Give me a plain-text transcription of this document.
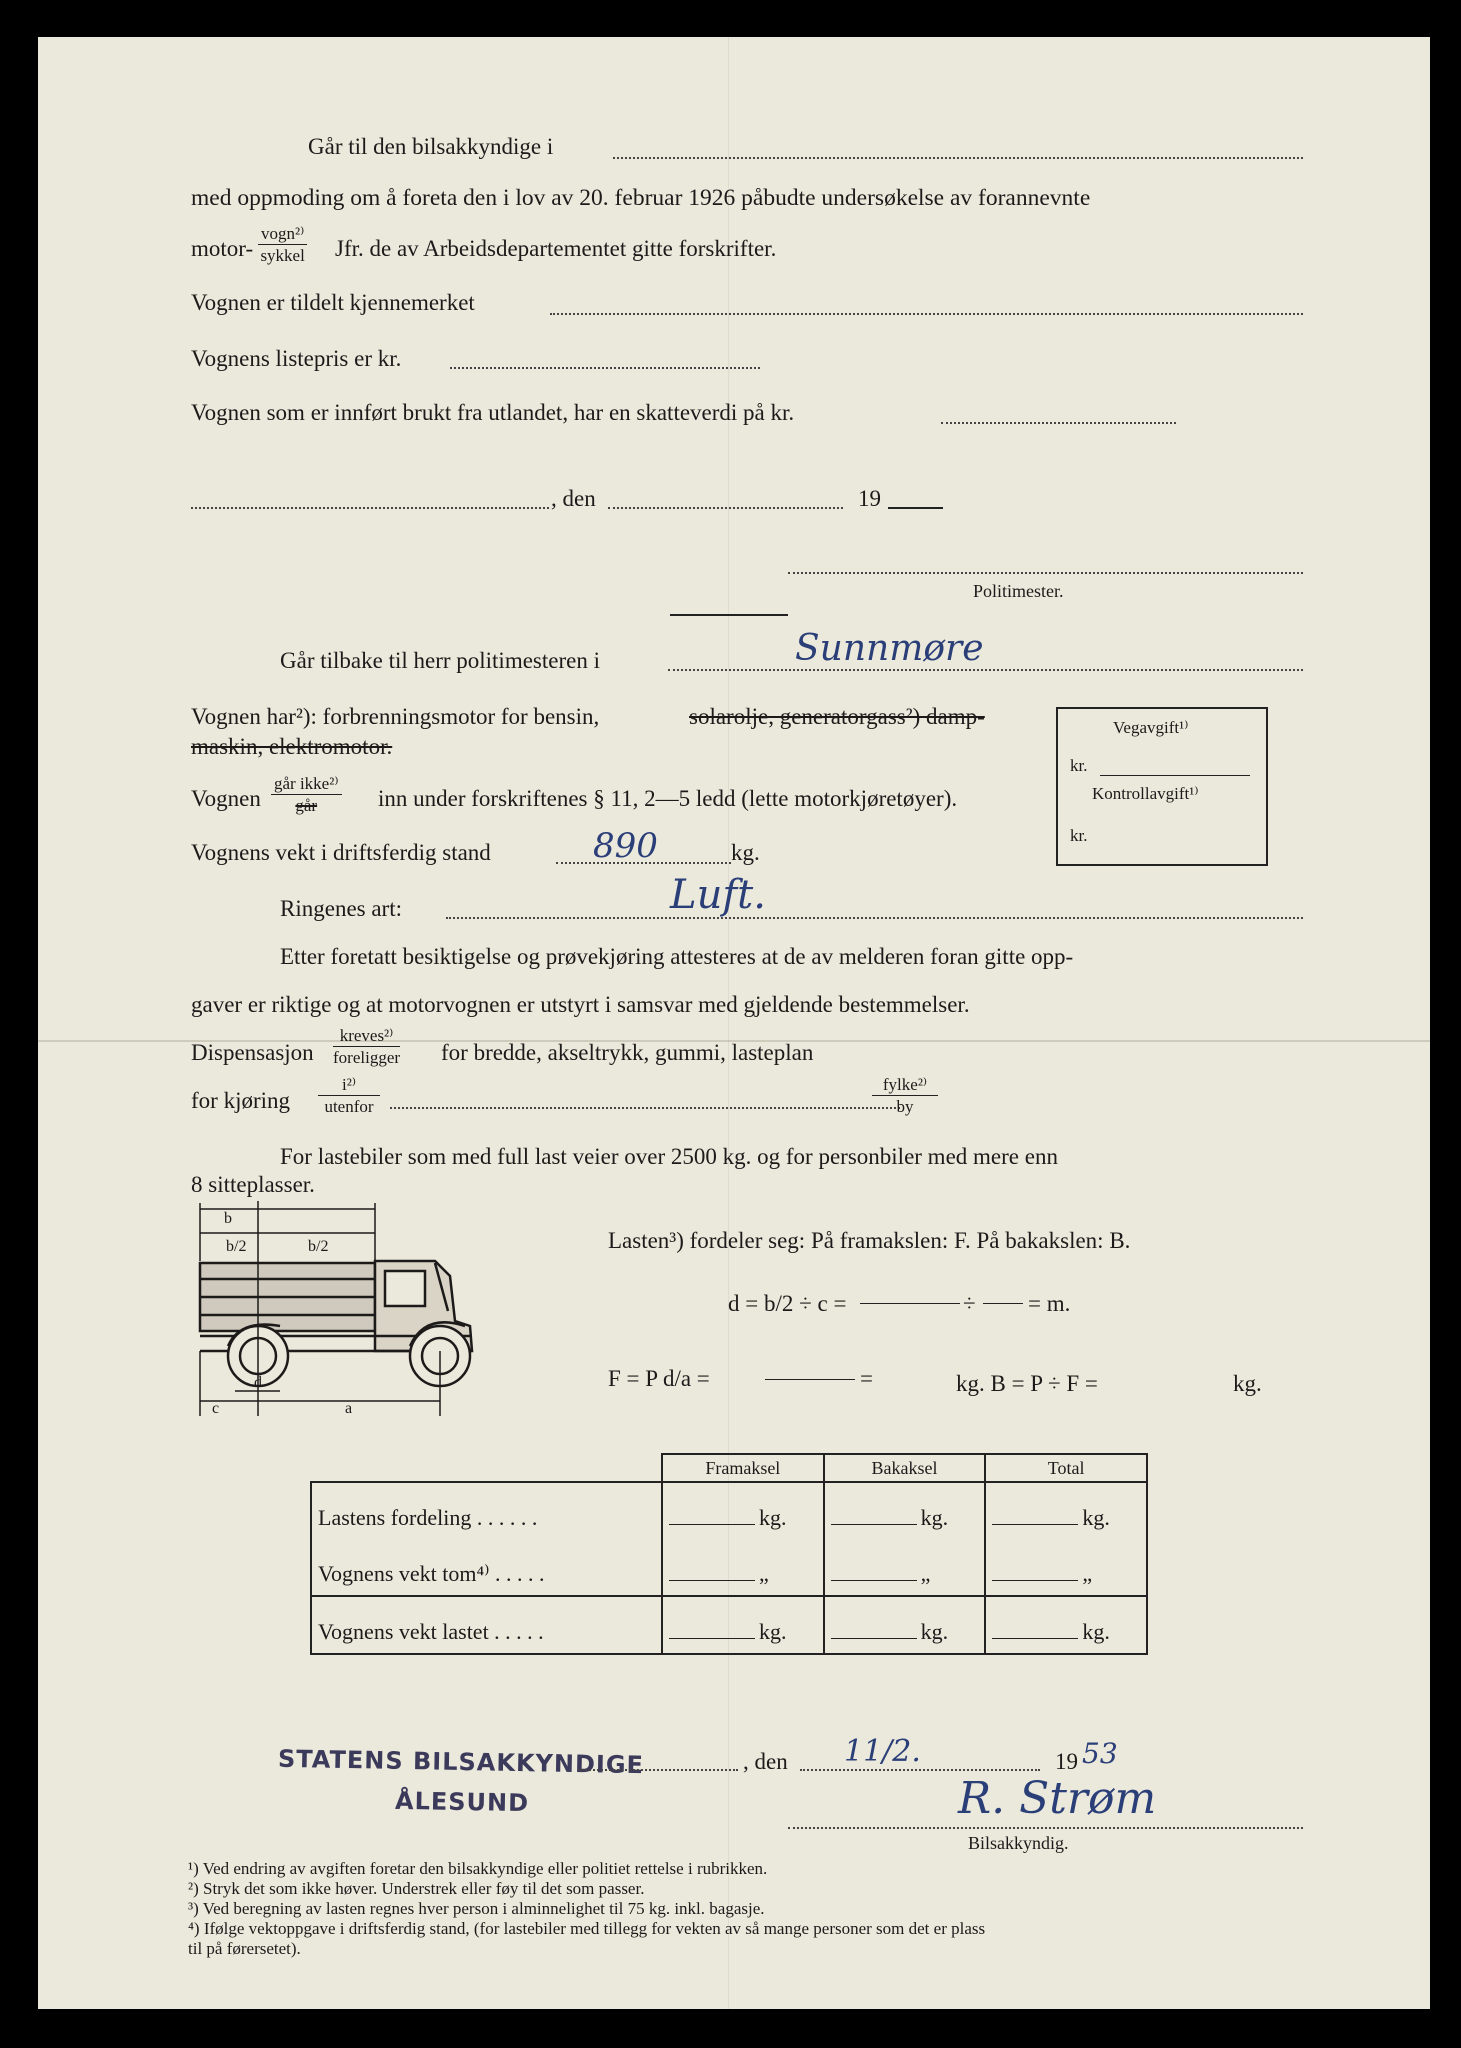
Går til den bilsakkyndige i
med oppmoding om å foreta den i lov av 20. februar 1926 påbudte undersøkelse av forannevnte
motor-
vogn²⁾
sykkel Jfr. de av Arbeidsdepartementet gitte forskrifter.
Vognen er tildelt kjennemerket
Vognens listepris er kr.
Vognen som er innført brukt fra utlandet, har en skatteverdi på kr.
, den	19
Politimester.
Går tilbake til herr politimesteren i	Sunnmøre
Vognen har²): forbrenningsmotor for bensin,	solarolje, generatorgass²) damp-
maskin, elektromotor.
Vegavgift¹⁾
kr.
Kontrollavgift¹⁾
kr.
Vognen
går ikke²⁾
går	inn under forskriftenes § 11, 2—5 ledd (lette motorkjøretøyer).
Vognens vekt i driftsferdig stand	890	kg.
Ringenes art:	Luft.
Etter foretatt besiktigelse og prøvekjøring attesteres at de av melderen foran gitte opp-
gaver er riktige og at motorvognen er utstyrt i samsvar med gjeldende bestemmelser.
Dispensasjon
kreves²⁾
foreligger for bredde, akseltrykk, gummi, lasteplan
for kjøring
i²⁾
utenfor
fylke²⁾
by
For lastebiler som med full last veier over 2500 kg. og for personbiler med mere enn
8 sitteplasser.
b
b/2	b/2
d
c	a
Lasten³) fordeler seg: På framakslen: F. På bakakslen: B.
d = b/2 ÷ c =	÷ = m.
F = P d/a =	=	kg. B = P ÷ F =	kg.
	Framaksel	Bakaksel	Total
Lastens fordeling . . . . . .	kg.	kg.	kg.
Vognens vekt tom⁴⁾ . . . . .	„	„	„
Vognens vekt lastet . . . . .	kg.	kg.	kg.
STATENS BILSAKKYNDIGE
ÅLESUND
, den 11/2.	19 53
R. Strøm
Bilsakkyndig.
¹) Ved endring av avgiften foretar den bilsakkyndige eller politiet rettelse i rubrikken.
²) Stryk det som ikke høver. Understrek eller føy til det som passer.
³) Ved beregning av lasten regnes hver person i alminnelighet til 75 kg. inkl. bagasje.
⁴) Ifølge vektoppgave i driftsferdig stand, (for lastebiler med tillegg for vekten av så mange personer som det er plass
til på førersetet).
